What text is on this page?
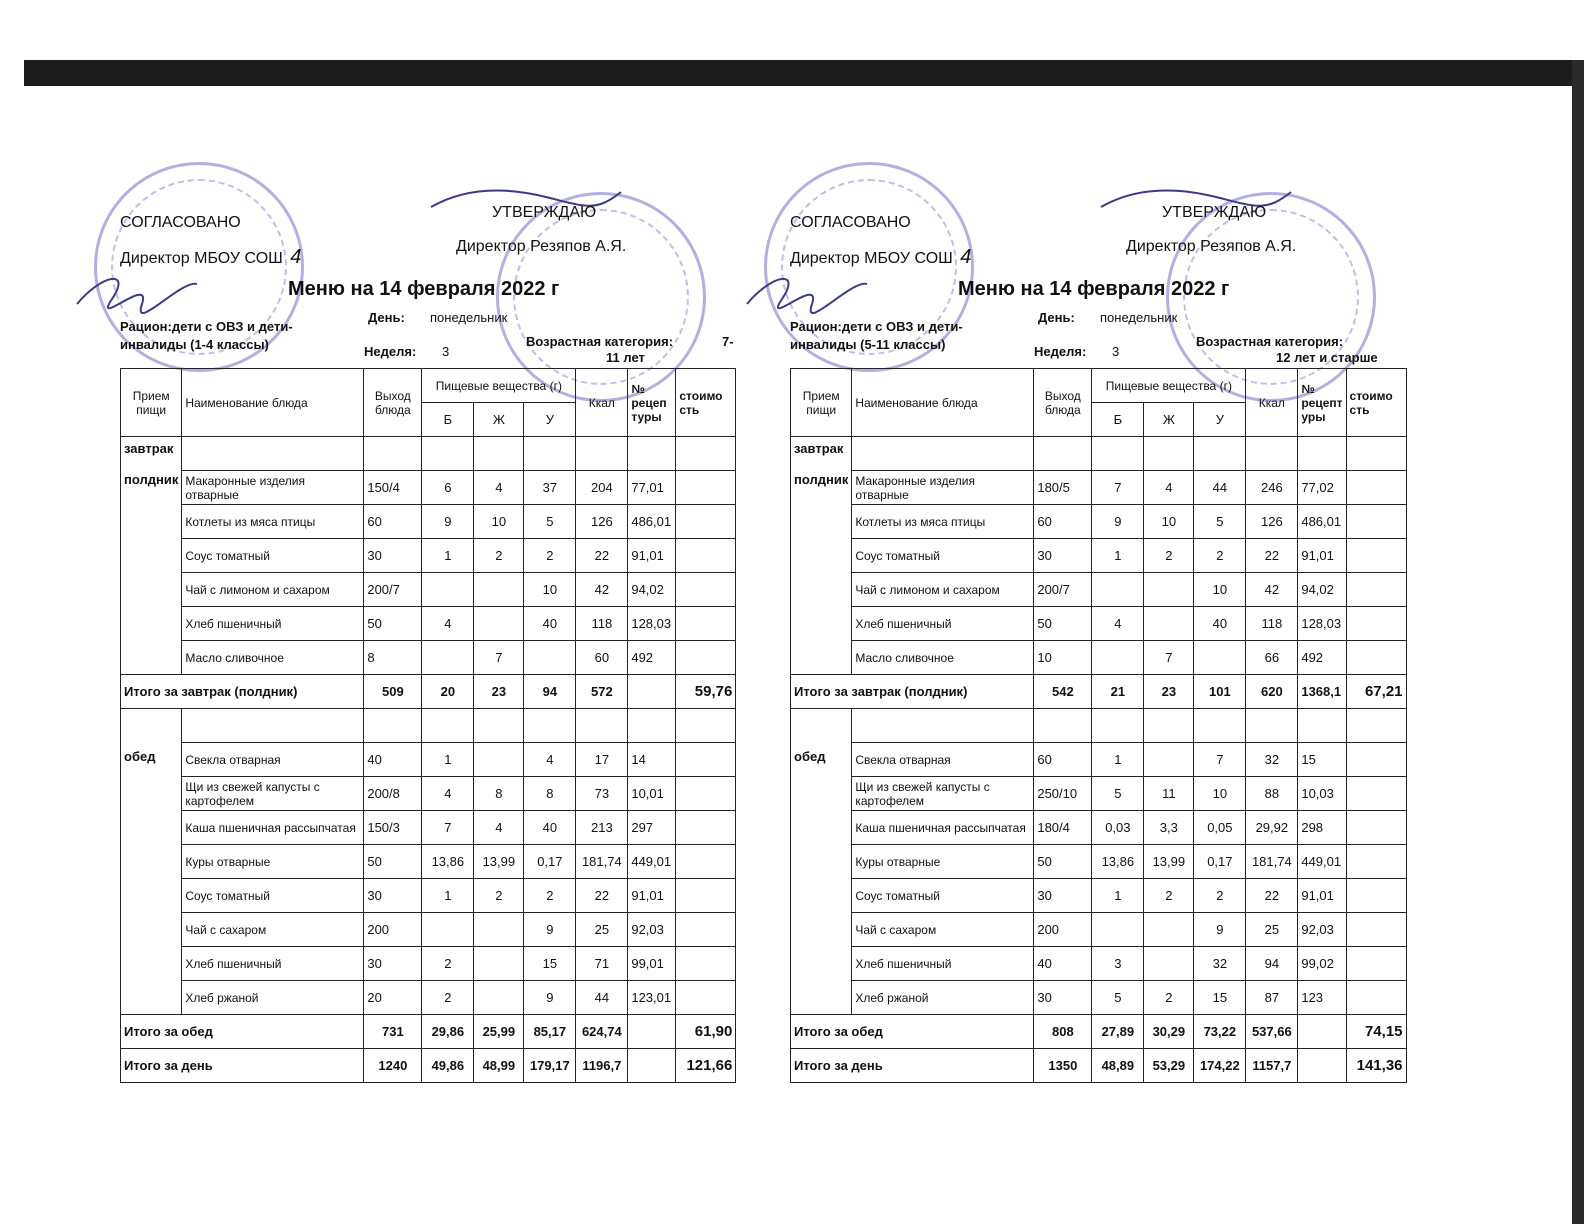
СОГЛАСОВАНО
Директор МБОУ СОШ 4
УТВЕРЖДАЮ
Директор Резяпов А.Я.
Меню на 14 февраля 2022 г
Рацион:дети с ОВЗ и дети-инвалиды (1-4 классы)
День: понедельник
Неделя: 3
Возрастная категория:	7-
11 лет
Прием пищи	Наименование блюда	Выход блюда	Пищевые вещества (г)			Ккал	№ рецеп туры	стоимо сть
			Б	Ж	У			

завтрак
полдник								

	Макаронные изделия отварные	150/4	6	4	37	204	77,01	
	Котлеты из мяса птицы	60	9	10	5	126	486,01	
	Соус томатный	30	1	2	2	22	91,01	
	Чай с лимоном и сахаром	200/7			10	42	94,02	
	Хлеб пшеничный	50	4		40	118	128,03	
	Масло сливочное	8		7		60	492	
Итого за завтрак (полдник)		509	20	23	94	572		59,76

обед								

	Свекла отварная	40	1		4	17	14	
	Щи из свежей капусты с картофелем	200/8	4	8	8	73	10,01	
	Каша пшеничная рассыпчатая	150/3	7	4	40	213	297	
	Куры отварные	50	13,86	13,99	0,17	181,74	449,01	
	Соус томатный	30	1	2	2	22	91,01	
	Чай с сахаром	200			9	25	92,03	
	Хлеб пшеничный	30	2		15	71	99,01	
	Хлеб ржаной	20	2		9	44	123,01	
Итого за обед		731	29,86	25,99	85,17	624,74		61,90
Итого за день		1240	49,86	48,99	179,17	1196,7		121,66
СОГЛАСОВАНО
Директор МБОУ СОШ 4
УТВЕРЖДАЮ
Директор Резяпов А.Я.
Меню на 14 февраля 2022 г
Рацион:дети с ОВЗ и дети-инвалиды (5-11 классы)
День: понедельник
Неделя: 3
Возрастная категория:
12 лет и старше
Прием пищи	Наименование блюда	Выход блюда	Пищевые вещества (г)			Ккал	№ рецепт уры	стоимо сть
			Б	Ж	У			

завтрак
полдник								

	Макаронные изделия отварные	180/5	7	4	44	246	77,02	
	Котлеты из мяса птицы	60	9	10	5	126	486,01	
	Соус томатный	30	1	2	2	22	91,01	
	Чай с лимоном и сахаром	200/7			10	42	94,02	
	Хлеб пшеничный	50	4		40	118	128,03	
	Масло сливочное	10		7		66	492	
Итого за завтрак (полдник)		542	21	23	101	620	1368,1	67,21

обед								

	Свекла отварная	60	1		7	32	15	
	Щи из свежей капусты с картофелем	250/10	5	11	10	88	10,03	
	Каша пшеничная рассыпчатая	180/4	0,03	3,3	0,05	29,92	298	
	Куры отварные	50	13,86	13,99	0,17	181,74	449,01	
	Соус томатный	30	1	2	2	22	91,01	
	Чай с сахаром	200			9	25	92,03	
	Хлеб пшеничный	40	3		32	94	99,02	
	Хлеб ржаной	30	5	2	15	87	123	
Итого за обед		808	27,89	30,29	73,22	537,66		74,15
Итого за день		1350	48,89	53,29	174,22	1157,7		141,36
